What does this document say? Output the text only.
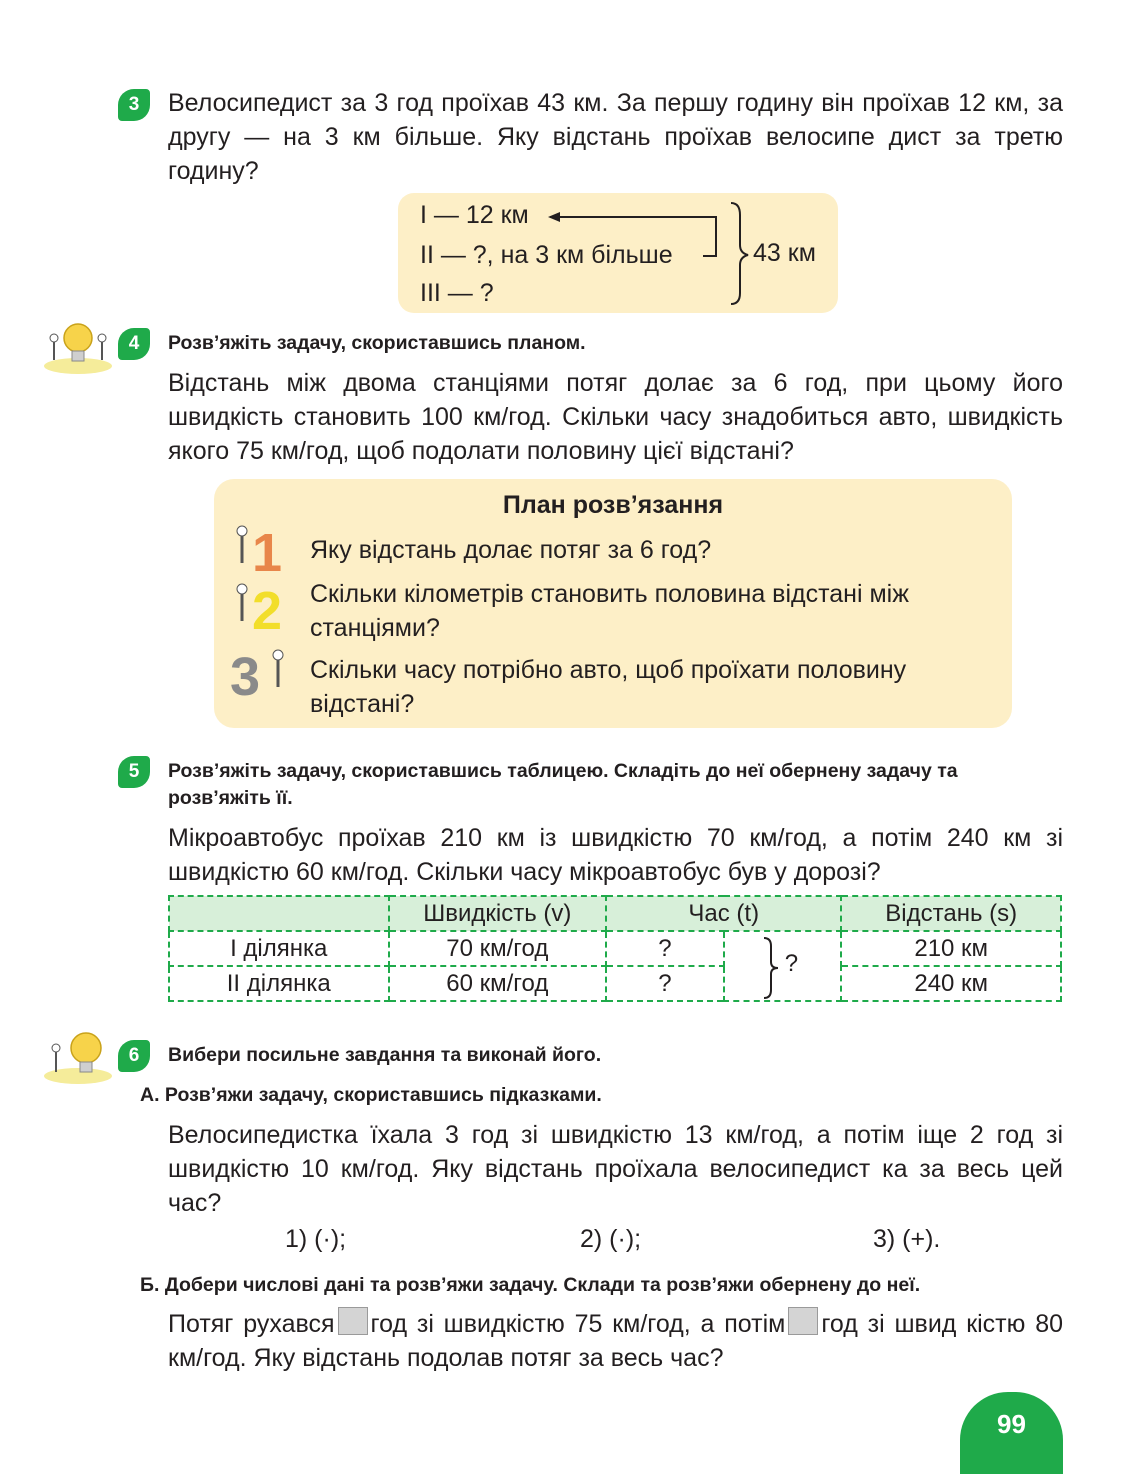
3 Велосипедист за 3 год проїхав 43 км. За першу годину він проїхав 12 км, за другу — на 3 км більше. Яку відстань проїхав велосипе дист за третю годину?
I — 12 км
II — ?, на 3 км більше
III — ?
43 км
4 Розв’яжіть задачу, скориставшись планом.
Відстань між двома станціями потяг долає за 6 год, при цьому його швидкість становить 100 км/год. Скільки часу знадобиться авто, швидкість якого 75 км/год, щоб подолати половину цієї відстані?
План розв’язання
1
2
3
Яку відстань долає потяг за 6 год?
Скільки кілометрів становить половина відстані між станціями?
Скільки часу потрібно авто, щоб проїхати половину відстані?
5 Розв’яжіть задачу, скориставшись таблицею. Складіть до неї обернену задачу та розв’яжіть її.
Мікроавтобус проїхав 210 км із швидкістю 70 км/год, а потім 240 км зі швидкістю 60 км/год. Скільки часу мікроавтобус був у дорозі?
	Швидкість (v)	Час (t)		Відстань (s)
I ділянка	70 км/год	?	?	210 км
II ділянка	60 км/год	?		240 км
6 Вибери посильне завдання та виконай його.
А. Розв’яжи задачу, скориставшись підказками.
Велосипедистка їхала 3 год зі швидкістю 13 км/год, а потім іще 2 год зі швидкістю 10 км/год. Яку відстань проїхала велосипедист ка за весь цей час?
1) (·);	2) (·);	3) (+).
Б. Добери числові дані та розв’яжи задачу. Склади та розв’яжи обернену до неї.
Потяг рухався год зі швидкістю 75 км/год, а потім год зі швид кістю 80 км/год. Яку відстань подолав потяг за весь час?
99
